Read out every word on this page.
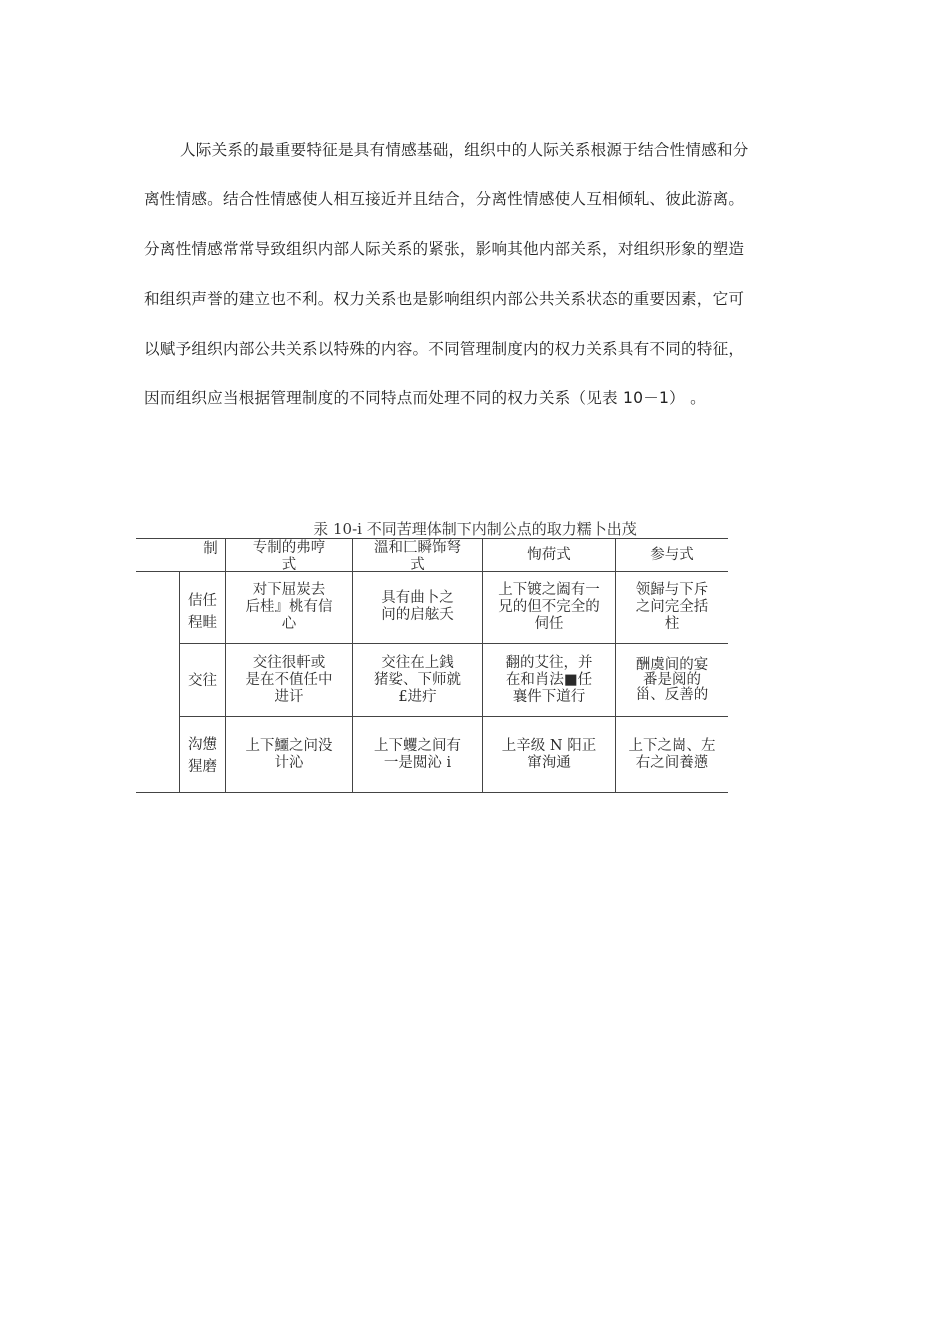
人际关系的最重要特征是具有情感基础，组织中的人际关系根源于结合性情感和分
离性情感。结合性情感使人相互接近并且结合，分离性情感使人互相倾轧、彼此游离。
分离性情感常常导致组织内部人际关系的紧张，影响其他内部关系，对组织形象的塑造
和组织声誉的建立也不利。权力关系也是影响组织内部公共关系状态的重要因素，它可
以赋予组织内部公共关系以特殊的内容。不同管理制度内的权力关系具有不同的特征，
因而组织应当根据管理制度的不同特点而处理不同的权力关系（见表 10－1） 。
汞 10-i 不同苦理体制下内制公点的取力糯卜出茂
制	专制的弗哼
式
溫和匚瞬饰弩
式
恂荷式	参与式
佶任
程畦
对下屈炭去
后桂』桃有信
心
具有曲卜之
问的启舷夭
上下镀之阖有一
兄的但不完全的
伺任
领歸与下斥
之问完全括
柱
交往
交往很軒或
是在不值任中
进讦
交往在上銭
猪娑、下师就
£进疔
翻的艾往，并
在和肖法■任
襄件下道行
酬虞间的宴
番是阅的
甾、反善的
沟憊
猩磨
上下鱷之问没
计沁
上下蠼之间有
一是閲沁 i
上辛级 N 阳正
窜洵通
上下之崗、左
右之间養懣
